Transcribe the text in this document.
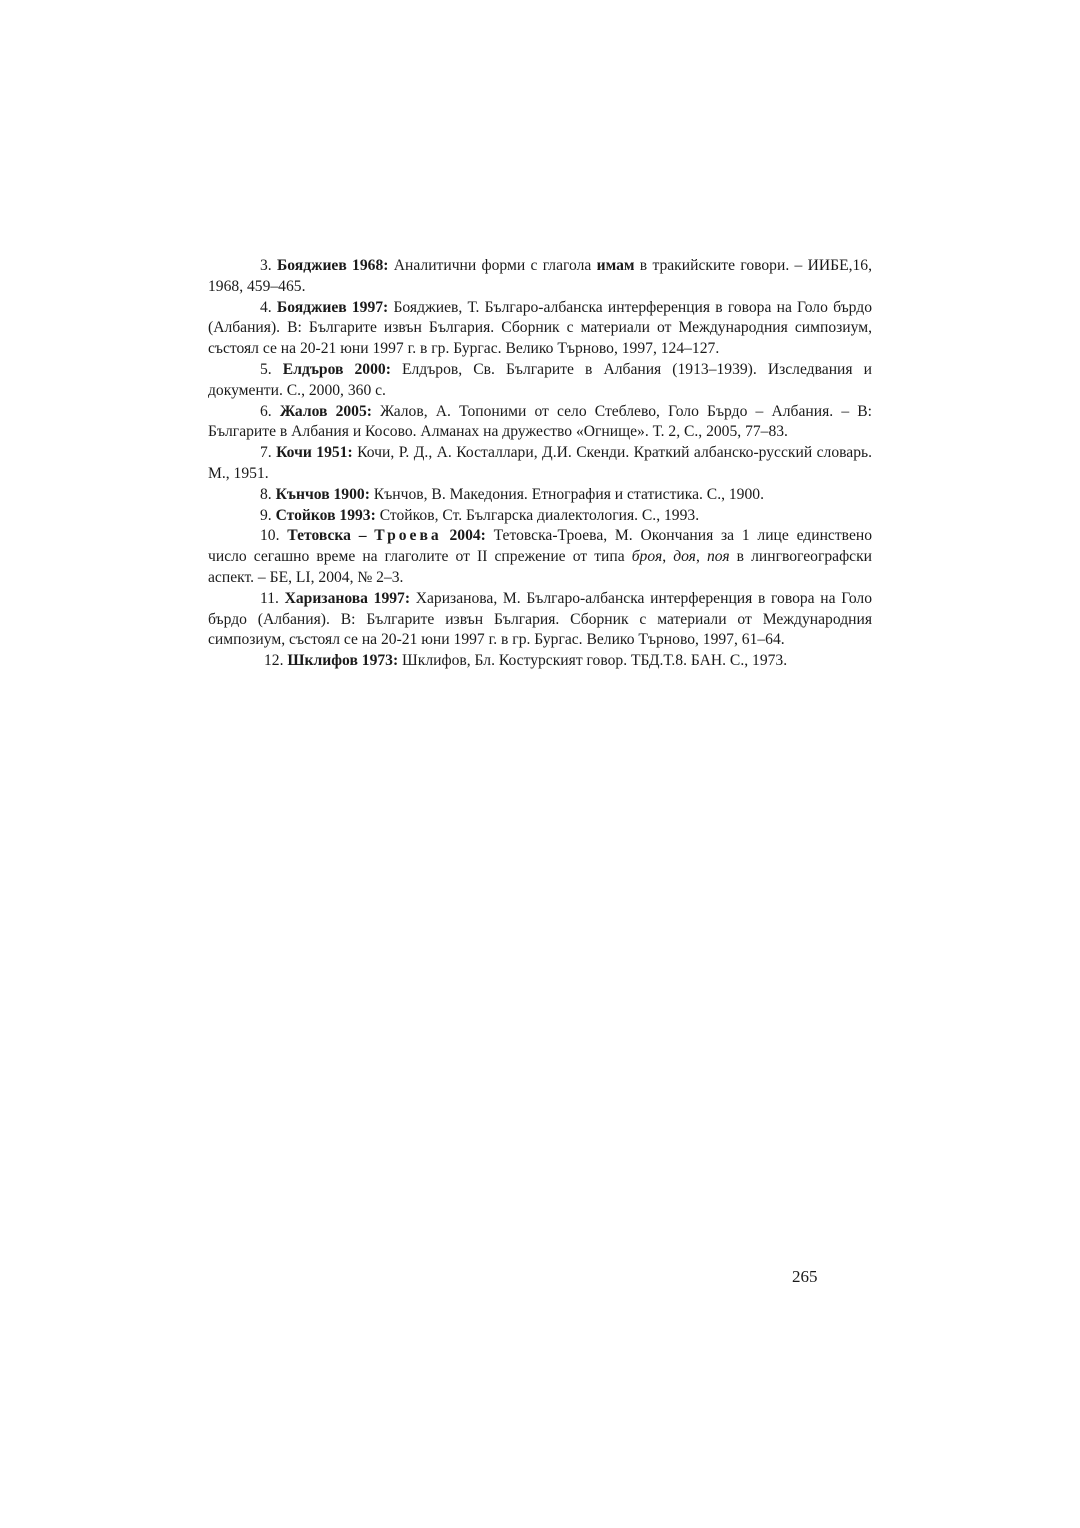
3. Бояджиев 1968: Аналитични форми с глагола имам в тракийските говори. – ИИБЕ,16, 1968, 459–465.

4. Бояджиев 1997: Бояджиев, Т. Българо-албанска интерференция в говора на Голо бърдо (Албания). В: Българите извън България. Сборник с материали от Международния симпозиум, състоял се на 20-21 юни 1997 г. в гр. Бургас. Велико Търново, 1997, 124–127.

5. Елдъров 2000: Елдъров, Св. Българите в Албания (1913–1939). Изследвания и документи. С., 2000, 360 с.

6. Жалов 2005: Жалов, А. Топоними от село Стеблево, Голо Бърдо – Албания. – В: Българите в Албания и Косово. Алманах на дружество «Огнище». Т. 2, С., 2005, 77–83.

7. Кочи 1951: Кочи, Р. Д., А. Косталлари, Д.И. Скенди. Краткий албанско-русский словарь. М., 1951.

8. Кънчов 1900: Кънчов, В. Македония. Етнография и статистика. С., 1900.

9. Стойков 1993: Стойков, Ст. Българска диалектология. С., 1993.

10. Тетовска – Троева 2004: Тетовска-Троева, М. Окончания за 1 лице единствено число сегашно време на глаголите от II спрежение от типа броя, доя, поя в лингвогеографски аспект. – БЕ, LI, 2004, № 2–3.

11. Харизанова 1997: Харизанова, М. Българо-албанска интерференция в говора на Голо бърдо (Албания). В: Българите извън България. Сборник с материали от Международния симпозиум, състоял се на 20-21 юни 1997 г. в гр. Бургас. Велико Търново, 1997, 61–64.

12. Шклифов 1973: Шклифов, Бл. Костурският говор. ТБД.Т.8. БАН. С., 1973.

265
